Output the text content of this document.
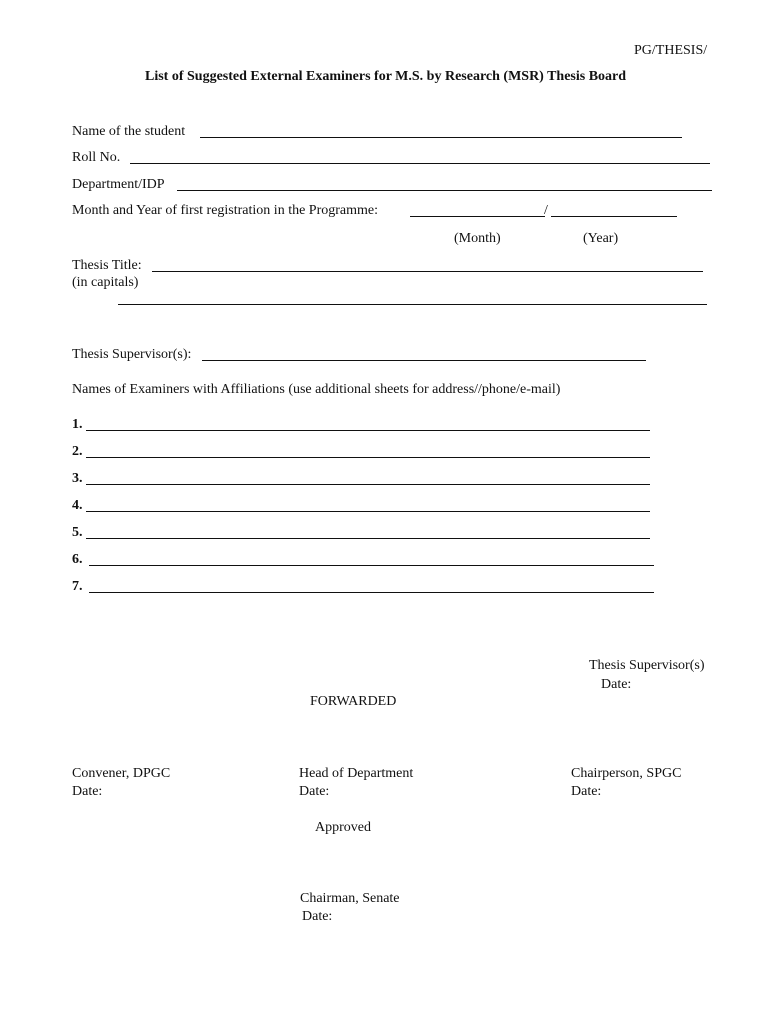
PG/THESIS/
List of Suggested External Examiners for M.S. by Research (MSR) Thesis Board
Name of the student
Roll No.
Department/IDP
Month and Year of first registration in the Programme:	/
(Month)	(Year)
Thesis Title:
(in capitals)
Thesis Supervisor(s):
Names of Examiners with Affiliations (use additional sheets for address//phone/e-mail)
1.
2.
3.
4.
5.
6.
7.
Thesis Supervisor(s)
Date:
FORWARDED
Convener, DPGC
Date:
Head of Department
Date:
Chairperson, SPGC
Date:
Approved
Chairman, Senate
Date:
